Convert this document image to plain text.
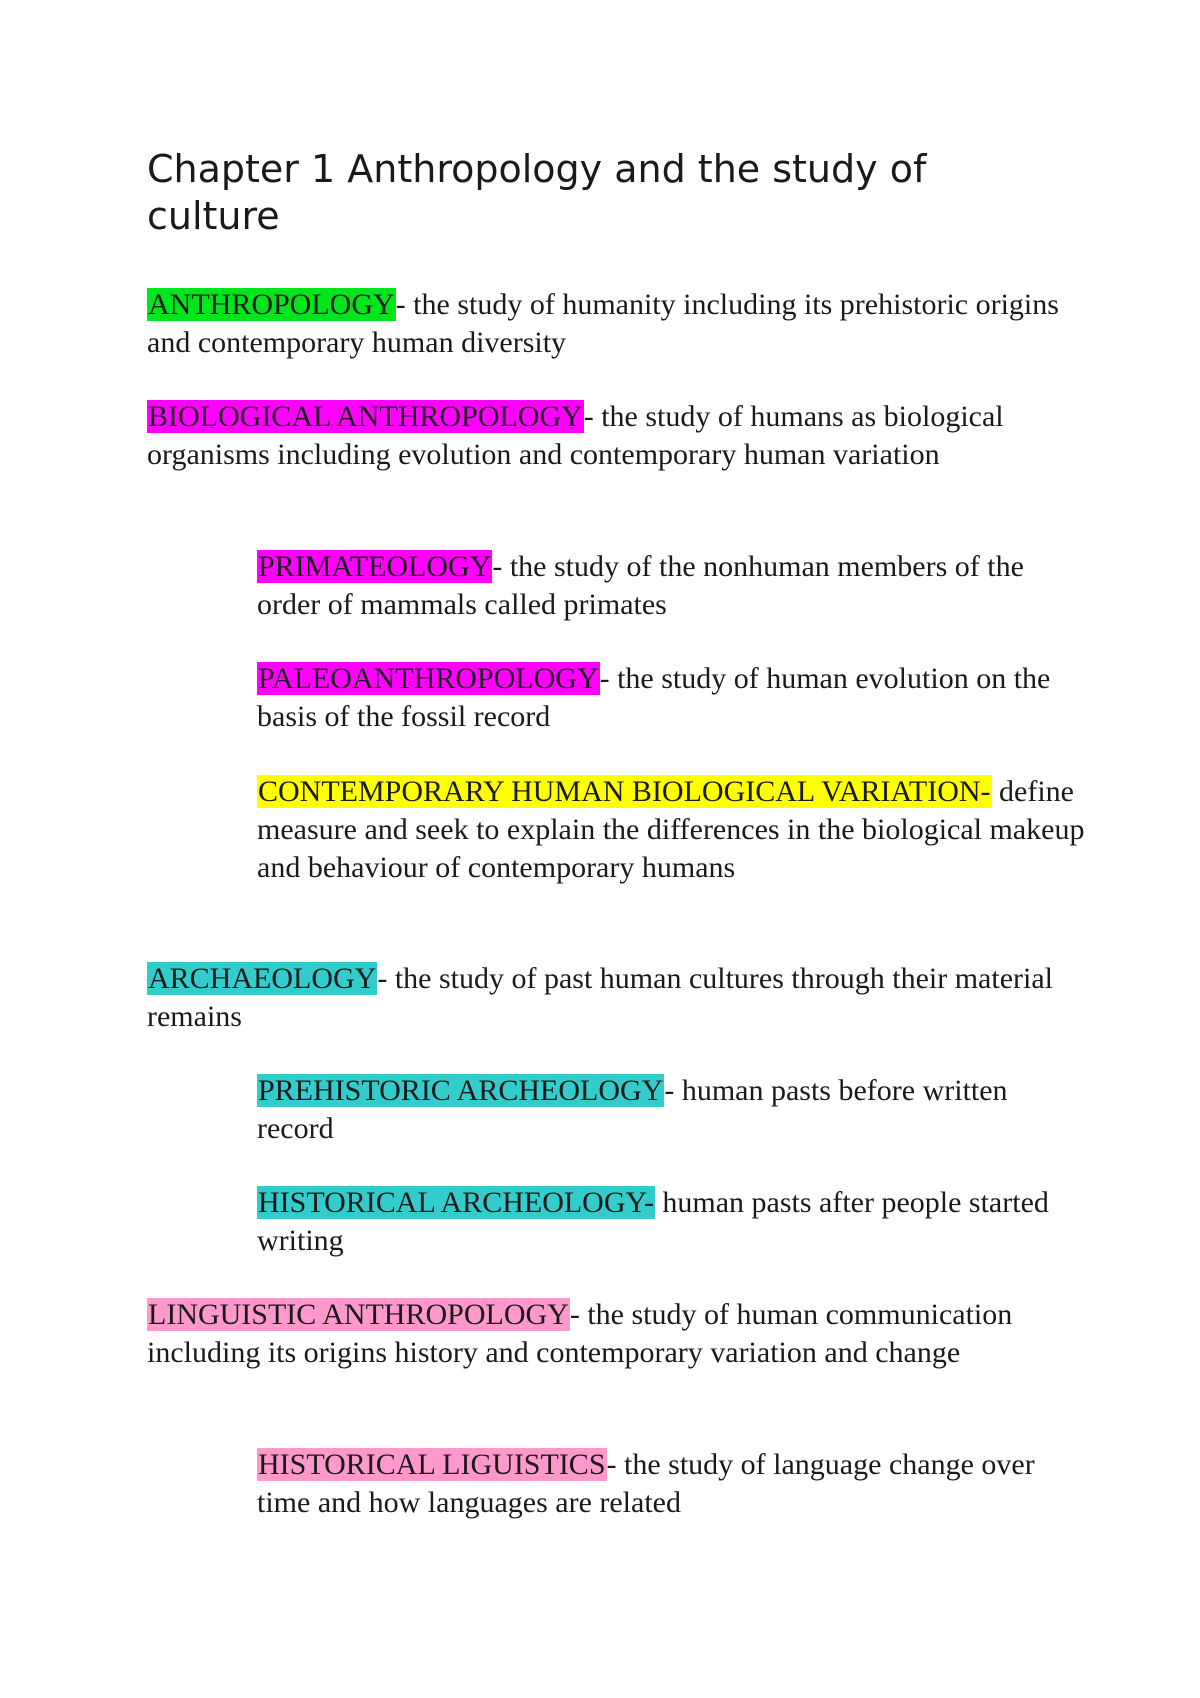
Chapter 1 Anthropology and the study of culture

ANTHROPOLOGY- the study of humanity including its prehistoric origins and contemporary human diversity

BIOLOGICAL ANTHROPOLOGY- the study of humans as biological organisms including evolution and contemporary human variation

PRIMATEOLOGY- the study of the nonhuman members of the order of mammals called primates

PALEOANTHROPOLOGY- the study of human evolution on the basis of the fossil record

CONTEMPORARY HUMAN BIOLOGICAL VARIATION- define measure and seek to explain the differences in the biological makeup and behaviour of contemporary humans

ARCHAEOLOGY- the study of past human cultures through their material remains

PREHISTORIC ARCHEOLOGY- human pasts before written record

HISTORICAL ARCHEOLOGY- human pasts after people started writing

LINGUISTIC ANTHROPOLOGY- the study of human communication including its origins history and contemporary variation and change

HISTORICAL LIGUISTICS- the study of language change over time and how languages are related
